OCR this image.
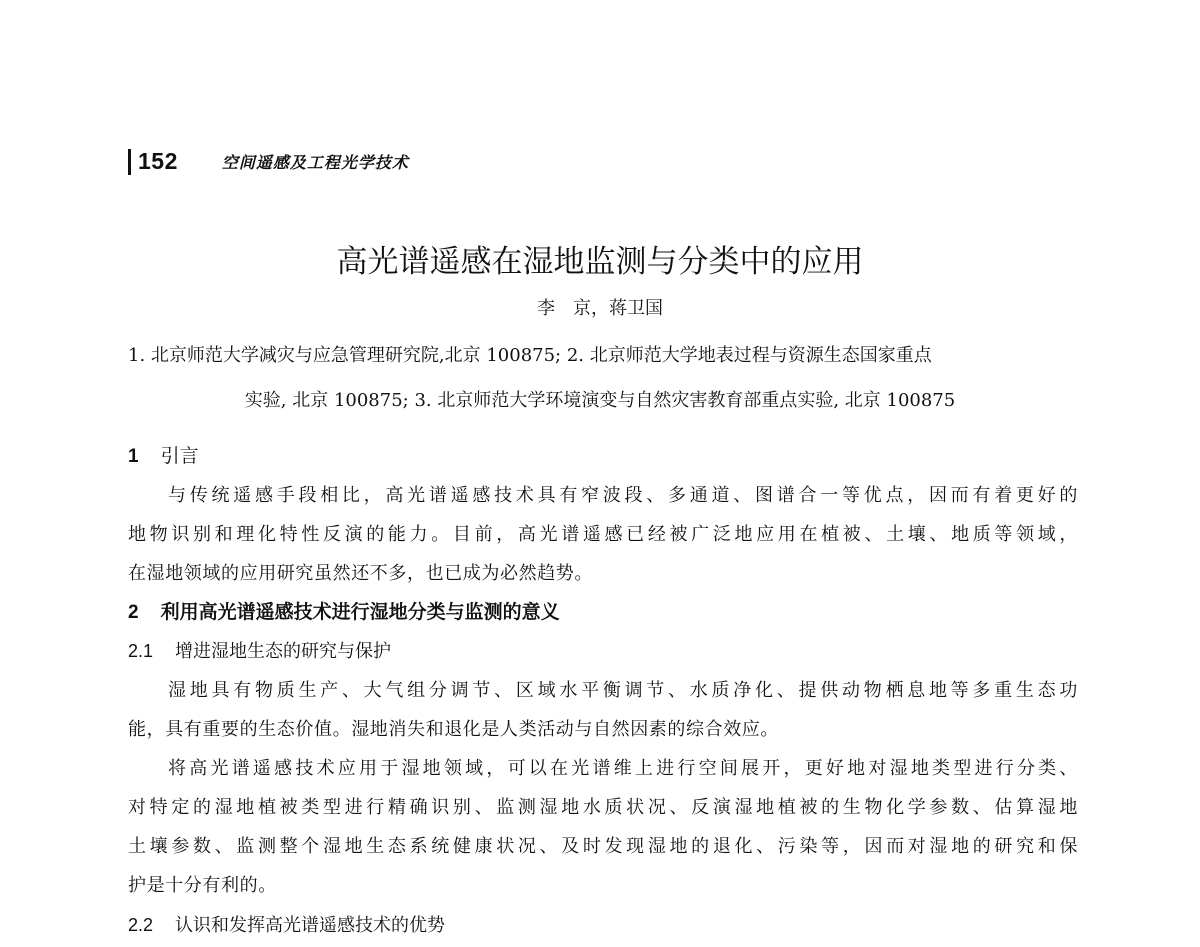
152	空间遥感及工程光学技术
高光谱遥感在湿地监测与分类中的应用
李　京，蒋卫国
1. 北京师范大学减灾与应急管理研究院,北京 100875; 2. 北京师范大学地表过程与资源生态国家重点
实验, 北京 100875; 3. 北京师范大学环境演变与自然灾害教育部重点实验, 北京 100875
1 引言
与传统遥感手段相比，高光谱遥感技术具有窄波段、多通道、图谱合一等优点，因而有着更好的
地物识别和理化特性反演的能力。目前，高光谱遥感已经被广泛地应用在植被、土壤、地质等领域，
在湿地领域的应用研究虽然还不多，也已成为必然趋势。
2 利用高光谱遥感技术进行湿地分类与监测的意义
2.1 增进湿地生态的研究与保护
湿地具有物质生产、大气组分调节、区域水平衡调节、水质净化、提供动物栖息地等多重生态功
能，具有重要的生态价值。湿地消失和退化是人类活动与自然因素的综合效应。
将高光谱遥感技术应用于湿地领域，可以在光谱维上进行空间展开，更好地对湿地类型进行分类、
对特定的湿地植被类型进行精确识别、监测湿地水质状况、反演湿地植被的生物化学参数、估算湿地
土壤参数、监测整个湿地生态系统健康状况、及时发现湿地的退化、污染等，因而对湿地的研究和保
护是十分有利的。
2.2 认识和发挥高光谱遥感技术的优势
